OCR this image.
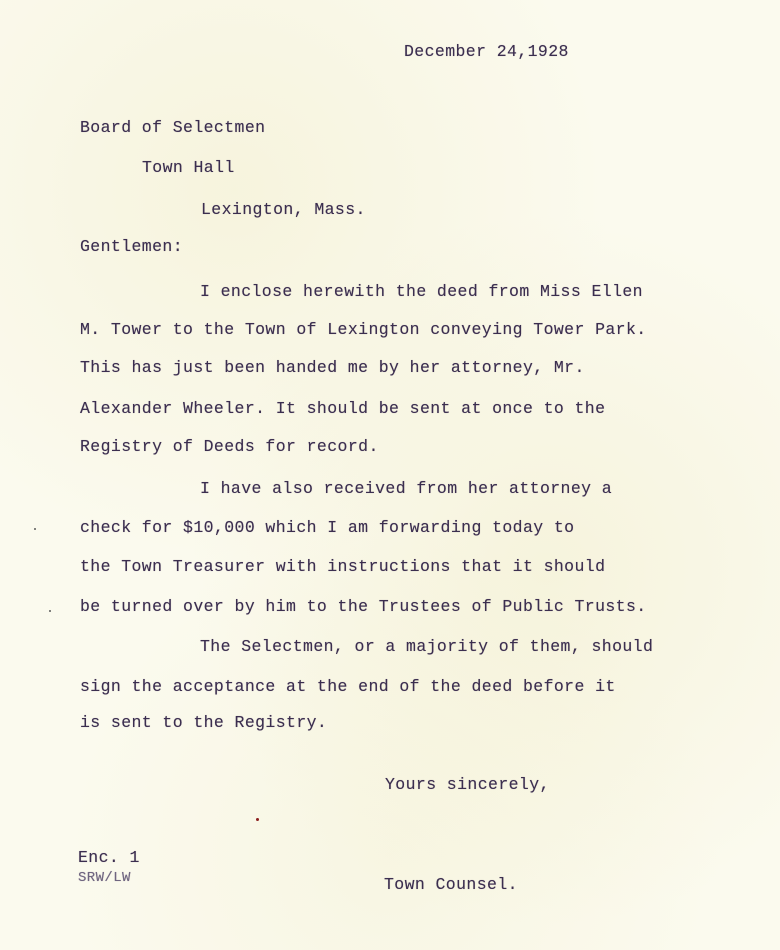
December 24,1928
Board of Selectmen
Town Hall
Lexington, Mass.
Gentlemen:
I enclose herewith the deed from Miss Ellen
M. Tower to the Town of Lexington conveying Tower Park.
This has just been handed me by her attorney, Mr.
Alexander Wheeler. It should be sent at once to the
Registry of Deeds for record.
I have also received from her attorney a
check for $10,000 which I am forwarding today to
the Town Treasurer with instructions that it should
be turned over by him to the Trustees of Public Trusts.
The Selectmen, or a majority of them, should
sign the acceptance at the end of the deed before it
is sent to the Registry.
Yours sincerely,
Enc. 1
SRW/LW	Town Counsel.
